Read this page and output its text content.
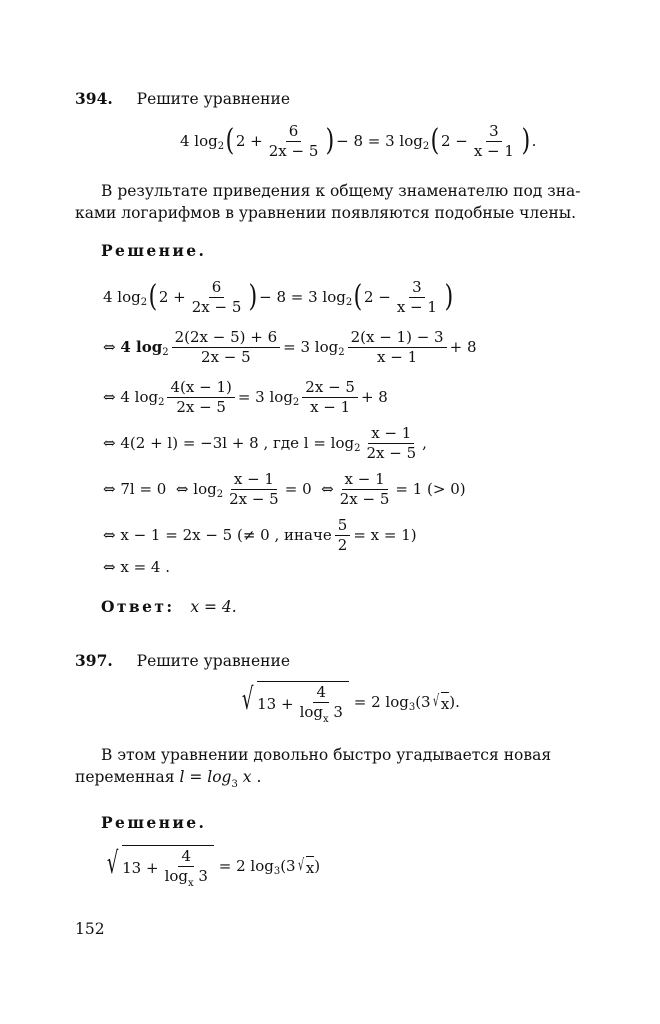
394. Решите уравнение
4 log 2 ( $2 + \frac{6}{2x - 5}$ ) − 8 = 3 log 2 ( $2 - \frac{3}{x - 1}$ ) .
В результате приведения к общему знаменателю под зна-
ками логарифмов в уравнении появляются подобные члены.
Решение.
4 log 2 ( $2 + \frac{6}{2x - 5}$ ) − 8 = 3 log 2 ( $2 - \frac{3}{x - 1}$ )
⇔
4 $\log 2 \frac{2(2x - 5) + 6}{2x - 5} = 3$ $\log 2 \frac{2(x - 1) - 3}{x - 1} + 8$
⇔
4 $\log 2 \frac{4(x - 1)}{2x - 5} = 3$ $\log 2 \frac{2x - 5}{x - 1} + 8$
⇔
4(2 + l) = −3l + 8 , где $l = \log 2 \frac{x - 1}{2x - 5}$ ,
⇔
7l = 0
⇔
$\log 2 \frac{x - 1}{2x - 5} = 0$
⇔ $\frac{x - 1}{2x - 5} = 1$ (> 0)
⇔
x − 1 = 2x − 5 (≠ 0 , иначе $\frac{5}{2} = x = 1$)
⇔
x = 4 .
Ответ: x = 4.
397. Решите уравнение
√ $13 + \frac{4}{\log_x 3}$
= 2 log 3 (3 √ x ).
В этом уравнении довольно быстро угадывается новая
переменная $l = \log_3 x$ .
Решение.
√ $13 + \frac{4}{\log_x 3}$
= 2 log 3 (3 √ x )
152
